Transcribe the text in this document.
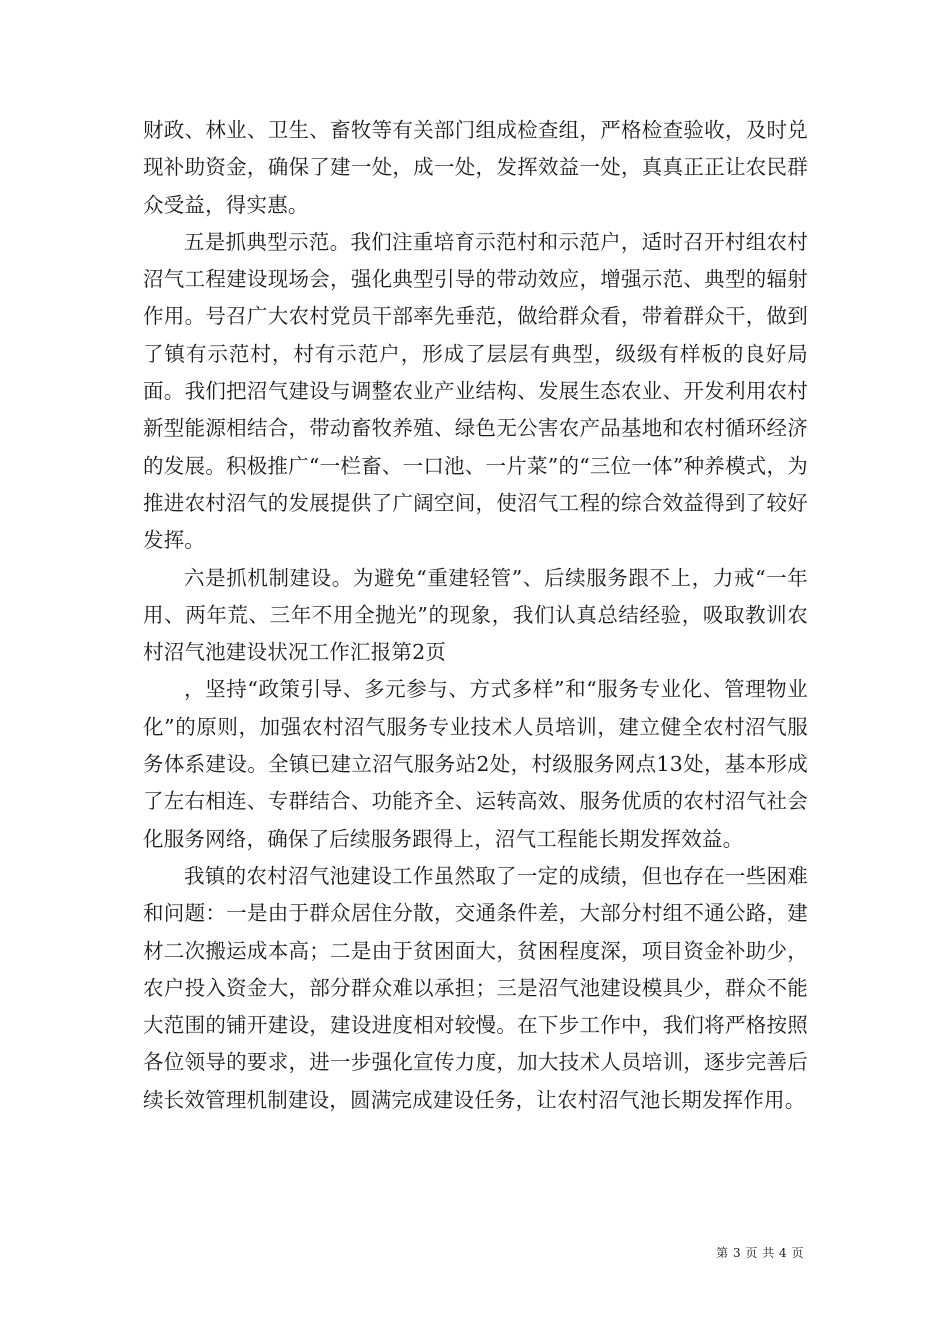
财政、林业、卫生、畜牧等有关部门组成检查组，严格检查验收，及时兑现补助资金，确保了建一处，成一处，发挥效益一处，真真正正让农民群众受益，得实惠。

五是抓典型示范。我们注重培育示范村和示范户，适时召开村组农村沼气工程建设现场会，强化典型引导的带动效应，增强示范、典型的辐射作用。号召广大农村党员干部率先垂范，做给群众看，带着群众干，做到了镇有示范村，村有示范户，形成了层层有典型，级级有样板的良好局面。我们把沼气建设与调整农业产业结构、发展生态农业、开发利用农村新型能源相结合，带动畜牧养殖、绿色无公害农产品基地和农村循环经济的发展。积极推广“一栏畜、一口池、一片菜”的“三位一体”种养模式，为推进农村沼气的发展提供了广阔空间，使沼气工程的综合效益得到了较好发挥。

六是抓机制建设。为避免“重建轻管”、后续服务跟不上，力戒“一年用、两年荒、三年不用全抛光”的现象，我们认真总结经验，吸取教训农村沼气池建设状况工作汇报第2页

，坚持“政策引导、多元参与、方式多样”和“服务专业化、管理物业化”的原则，加强农村沼气服务专业技术人员培训，建立健全农村沼气服务体系建设。全镇已建立沼气服务站2处，村级服务网点13处，基本形成了左右相连、专群结合、功能齐全、运转高效、服务优质的农村沼气社会化服务网络，确保了后续服务跟得上，沼气工程能长期发挥效益。

我镇的农村沼气池建设工作虽然取了一定的成绩，但也存在一些困难和问题：一是由于群众居住分散，交通条件差，大部分村组不通公路，建材二次搬运成本高；二是由于贫困面大，贫困程度深，项目资金补助少，农户投入资金大，部分群众难以承担；三是沼气池建设模具少，群众不能大范围的铺开建设，建设进度相对较慢。在下步工作中，我们将严格按照各位领导的要求，进一步强化宣传力度，加大技术人员培训，逐步完善后续长效管理机制建设，圆满完成建设任务，让农村沼气池长期发挥作用。

第 3 页 共 4 页
